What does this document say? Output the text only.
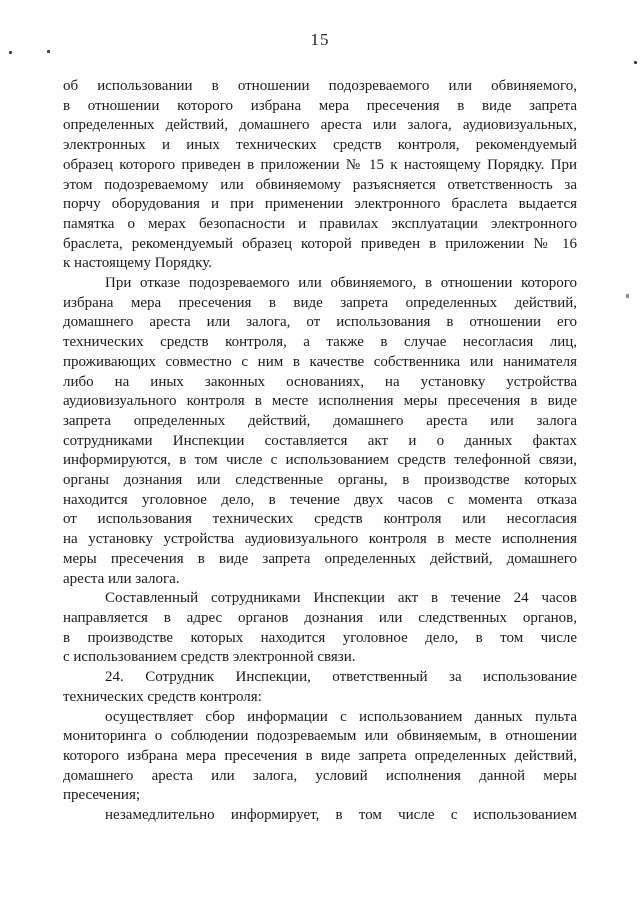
15
об использовании в отношении подозреваемого или обвиняемого,
в отношении которого избрана мера пресечения в виде запрета
определенных действий, домашнего ареста или залога, аудиовизуальных,
электронных и иных технических средств контроля, рекомендуемый
образец которого приведен в приложении № 15 к настоящему Порядку. При
этом подозреваемому или обвиняемому разъясняется ответственность за
порчу оборудования и при применении электронного браслета выдается
памятка о мерах безопасности и правилах эксплуатации электронного
браслета, рекомендуемый образец которой приведен в приложении № 16
к настоящему Порядку.
При отказе подозреваемого или обвиняемого, в отношении которого
избрана мера пресечения в виде запрета определенных действий,
домашнего ареста или залога, от использования в отношении его
технических средств контроля, а также в случае несогласия лиц,
проживающих совместно с ним в качестве собственника или нанимателя
либо на иных законных основаниях, на установку устройства
аудиовизуального контроля в месте исполнения меры пресечения в виде
запрета определенных действий, домашнего ареста или залога
сотрудниками Инспекции составляется акт и о данных фактах
информируются, в том числе с использованием средств телефонной связи,
органы дознания или следственные органы, в производстве которых
находится уголовное дело, в течение двух часов с момента отказа
от использования технических средств контроля или несогласия
на установку устройства аудиовизуального контроля в месте исполнения
меры пресечения в виде запрета определенных действий, домашнего
ареста или залога.
Составленный сотрудниками Инспекции акт в течение 24 часов
направляется в адрес органов дознания или следственных органов,
в производстве которых находится уголовное дело, в том числе
с использованием средств электронной связи.
24. Сотрудник Инспекции, ответственный за использование
технических средств контроля:
осуществляет сбор информации с использованием данных пульта
мониторинга о соблюдении подозреваемым или обвиняемым, в отношении
которого избрана мера пресечения в виде запрета определенных действий,
домашнего ареста или залога, условий исполнения данной меры
пресечения;
незамедлительно информирует, в том числе с использованием
